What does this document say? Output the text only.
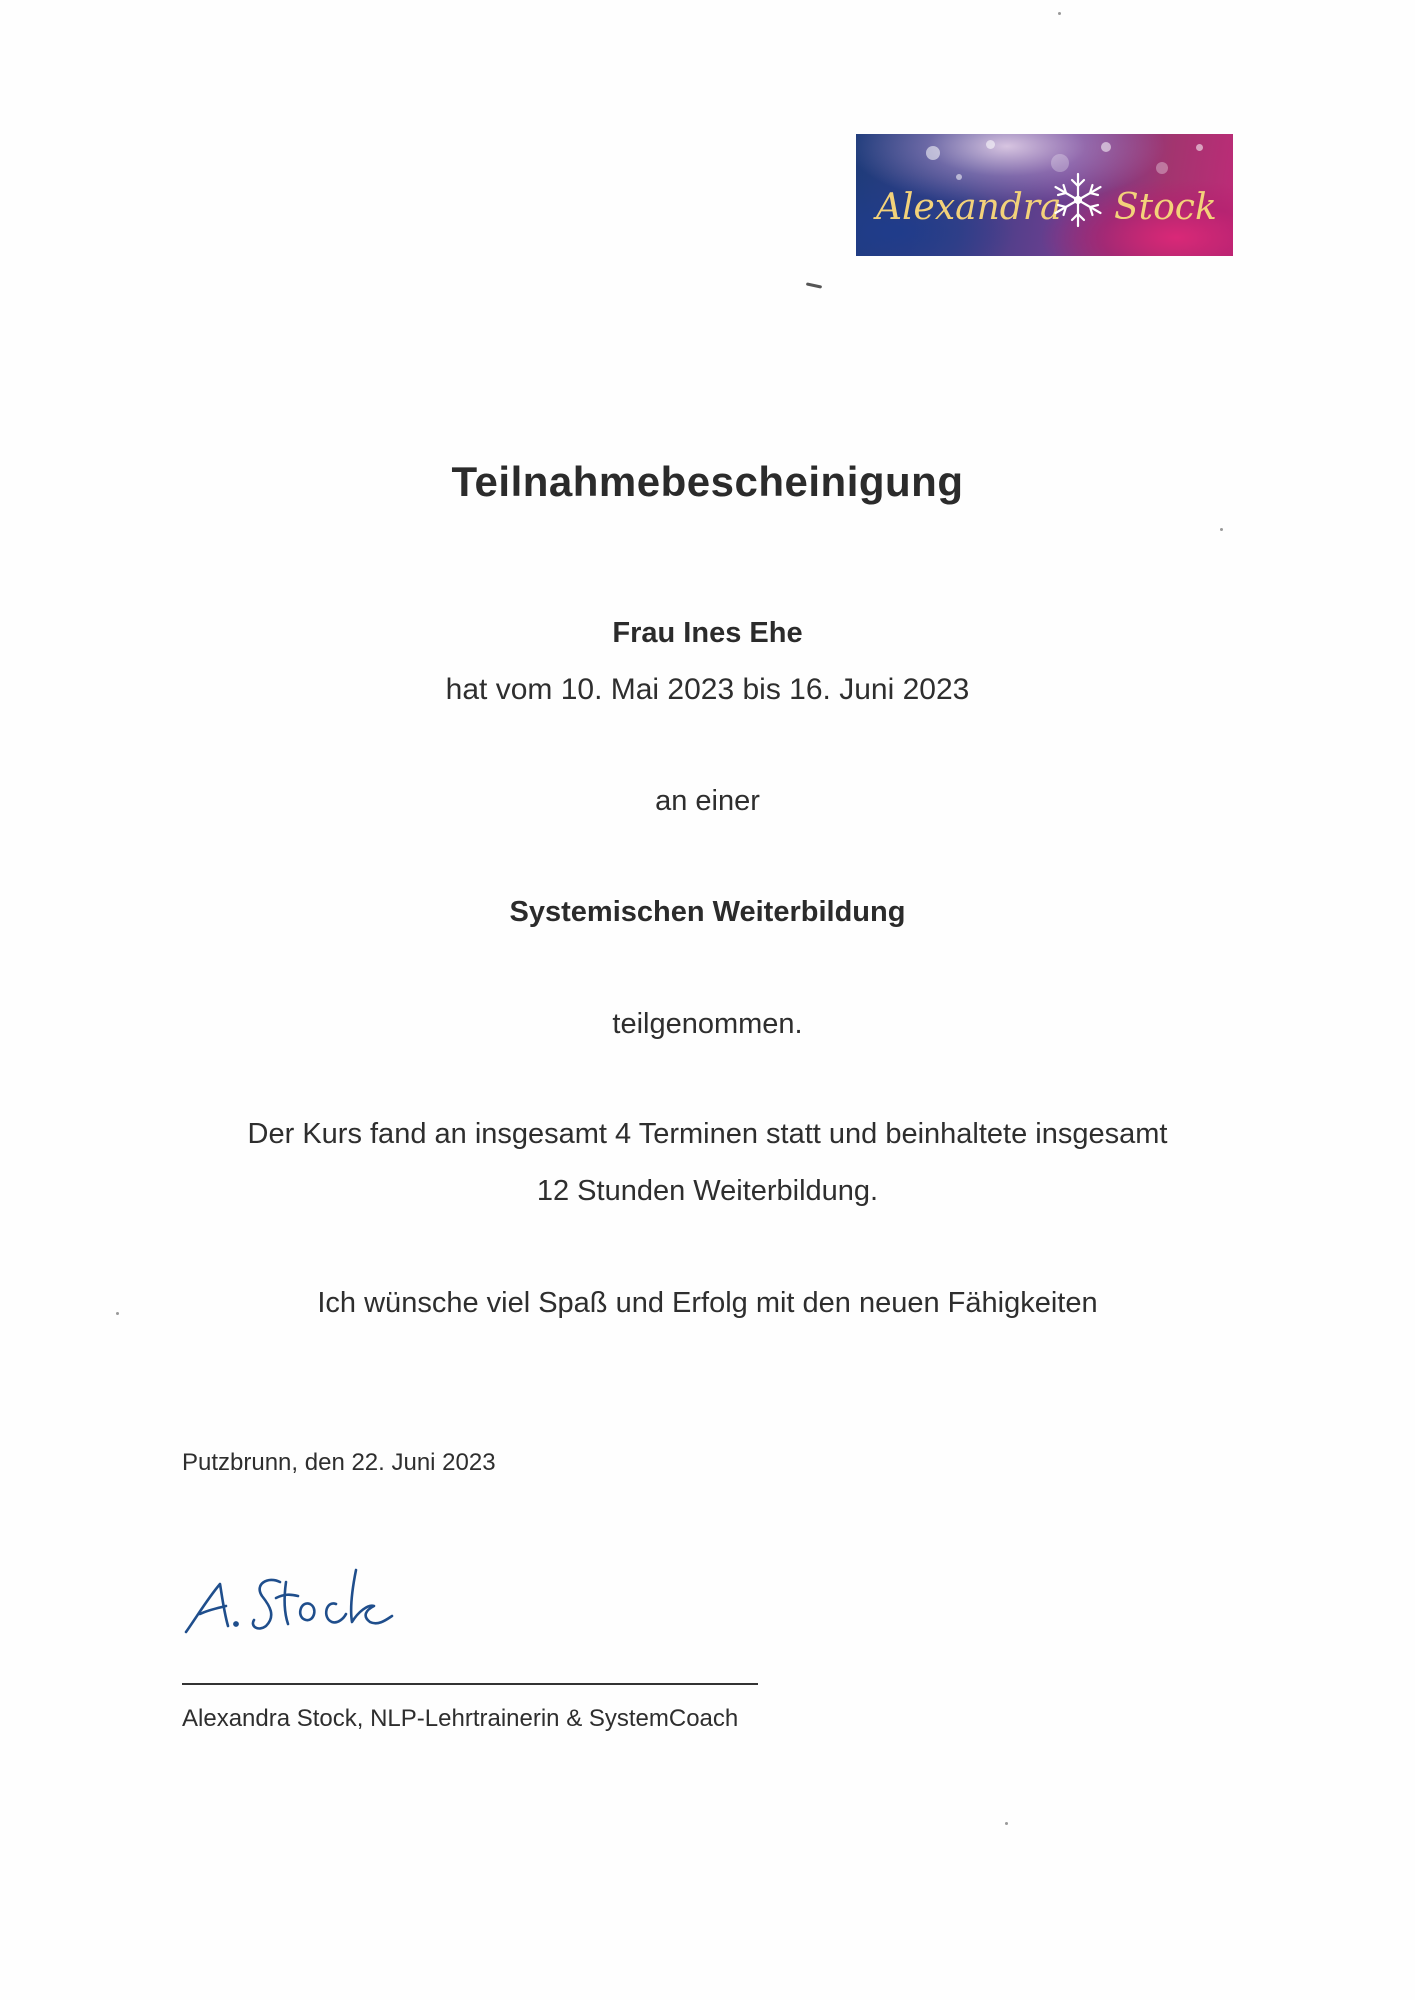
Alexandra Stock
Teilnahmebescheinigung
Frau Ines Ehe
hat vom 10. Mai 2023 bis 16. Juni 2023
an einer
Systemischen Weiterbildung
teilgenommen.
Der Kurs fand an insgesamt 4 Terminen statt und beinhaltete insgesamt
12 Stunden Weiterbildung.
Ich wünsche viel Spaß und Erfolg mit den neuen Fähigkeiten
Putzbrunn, den 22. Juni 2023
Alexandra Stock, NLP-Lehrtrainerin & SystemCoach
